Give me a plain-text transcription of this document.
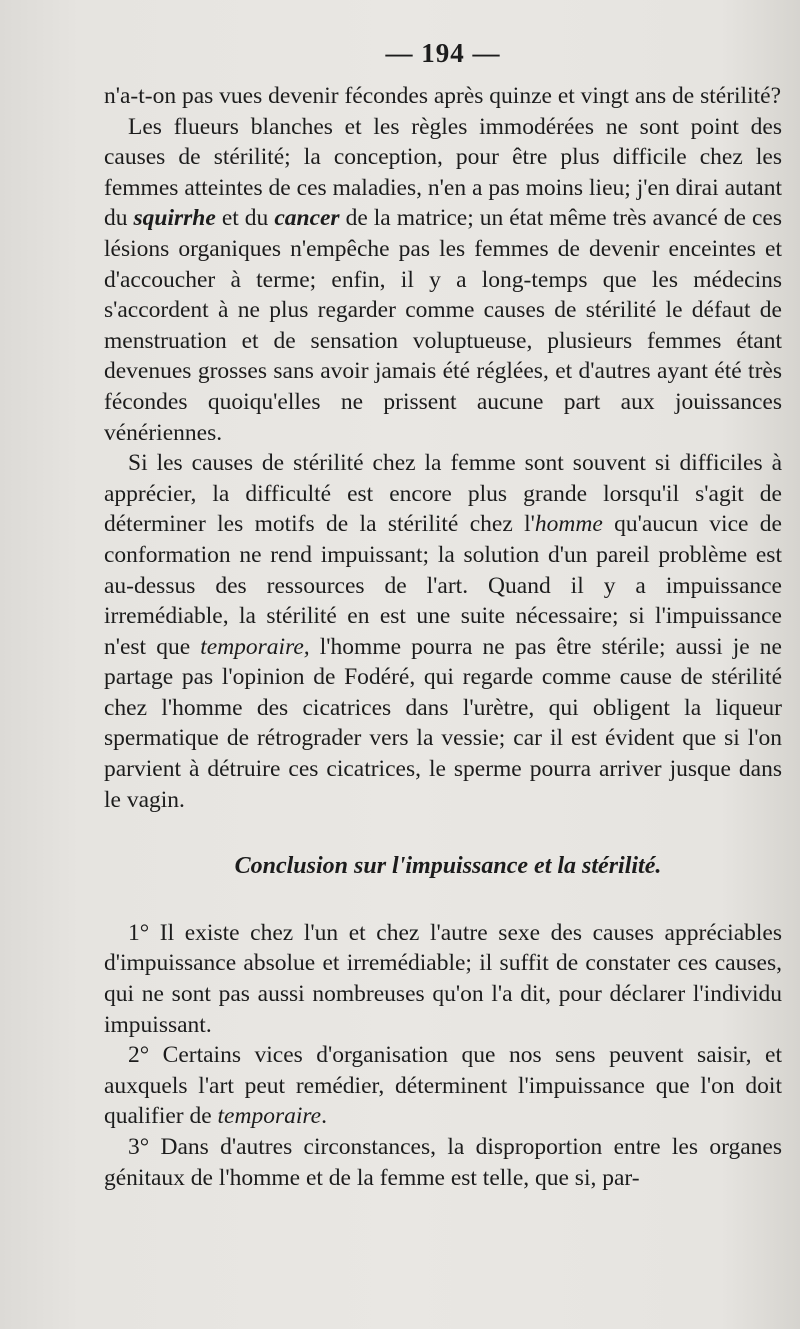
— 194 —

n'a-t-on pas vues devenir fécondes après quinze et vingt ans de stérilité?

Les flueurs blanches et les règles immodérées ne sont point des causes de stérilité; la conception, pour être plus difficile chez les femmes atteintes de ces maladies, n'en a pas moins lieu; j'en dirai autant du squirrhe et du cancer de la matrice; un état même très avancé de ces lésions organiques n'empêche pas les femmes de devenir enceintes et d'accoucher à terme; enfin, il y a long-temps que les médecins s'accordent à ne plus regarder comme causes de stérilité le défaut de menstruation et de sensation voluptueuse, plusieurs femmes étant devenues grosses sans avoir jamais été réglées, et d'autres ayant été très fécondes quoiqu'elles ne prissent aucune part aux jouissances vénériennes.

Si les causes de stérilité chez la femme sont souvent si difficiles à apprécier, la difficulté est encore plus grande lorsqu'il s'agit de déterminer les motifs de la stérilité chez l'homme qu'aucun vice de conformation ne rend impuissant; la solution d'un pareil problème est au-dessus des ressources de l'art. Quand il y a impuissance irremédiable, la stérilité en est une suite nécessaire; si l'impuissance n'est que temporaire, l'homme pourra ne pas être stérile; aussi je ne partage pas l'opinion de Fodéré, qui regarde comme cause de stérilité chez l'homme des cicatrices dans l'urètre, qui obligent la liqueur spermatique de rétrograder vers la vessie; car il est évident que si l'on parvient à détruire ces cicatrices, le sperme pourra arriver jusque dans le vagin.

Conclusion sur l'impuissance et la stérilité.

1° Il existe chez l'un et chez l'autre sexe des causes appréciables d'impuissance absolue et irremédiable; il suffit de constater ces causes, qui ne sont pas aussi nombreuses qu'on l'a dit, pour déclarer l'individu impuissant.

2° Certains vices d'organisation que nos sens peuvent saisir, et auxquels l'art peut remédier, déterminent l'impuissance que l'on doit qualifier de temporaire.

3° Dans d'autres circonstances, la disproportion entre les organes génitaux de l'homme et de la femme est telle, que si, par-
